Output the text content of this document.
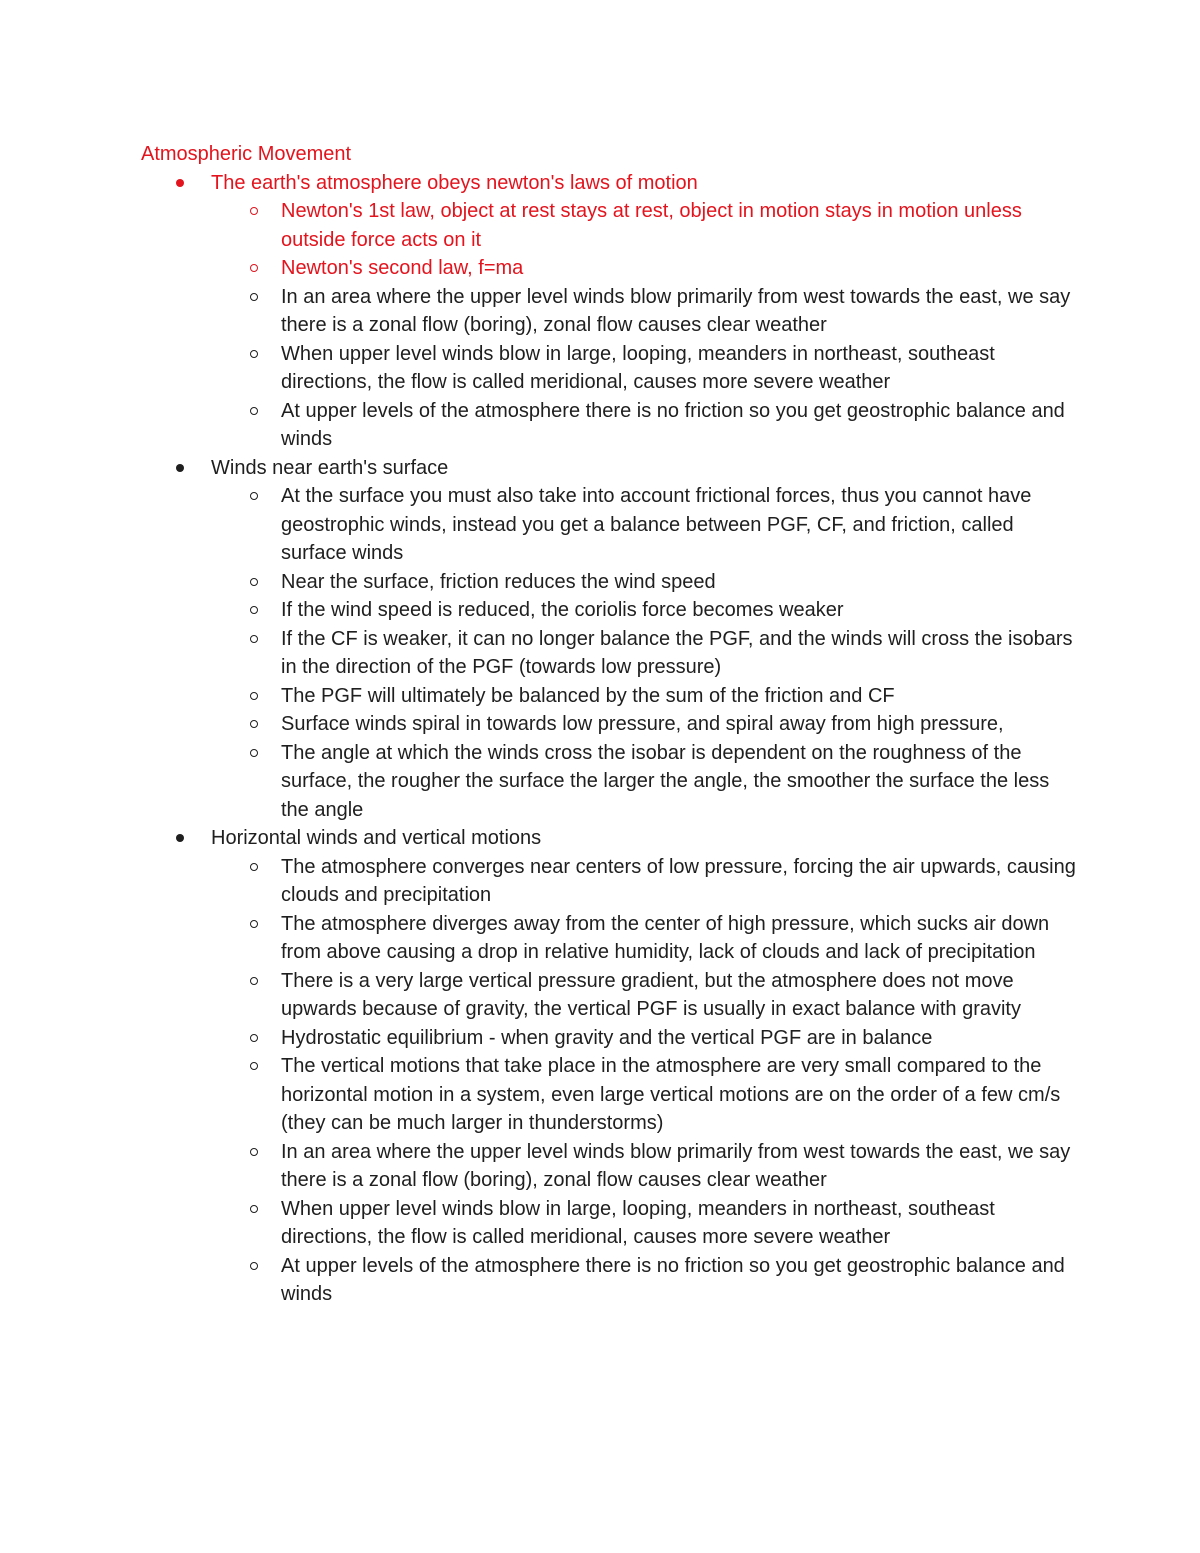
Atmospheric Movement

The earth's atmosphere obeys newton's laws of motion
Newton's 1st law, object at rest stays at rest, object in motion stays in motion unless outside force acts on it
Newton's second law, f=ma
In an area where the upper level winds blow primarily from west towards the east, we say there is a zonal flow (boring), zonal flow causes clear weather
When upper level winds blow in large, looping, meanders in northeast, southeast directions, the flow is called meridional, causes more severe weather
At upper levels of the atmosphere there is no friction so you get geostrophic balance and winds
Winds near earth's surface
At the surface you must also take into account frictional forces, thus you cannot have geostrophic winds, instead you get a balance between PGF, CF, and friction, called surface winds
Near the surface, friction reduces the wind speed
If the wind speed is reduced, the coriolis force becomes weaker
If the CF is weaker, it can no longer balance the PGF, and the winds will cross the isobars in the direction of the PGF (towards low pressure)
The PGF will ultimately be balanced by the sum of the friction and CF
Surface winds spiral in towards low pressure, and spiral away from high pressure,
The angle at which the winds cross the isobar is dependent on the roughness of the surface, the rougher the surface the larger the angle, the smoother the surface the less the angle
Horizontal winds and vertical motions
The atmosphere converges near centers of low pressure, forcing the air upwards, causing clouds and precipitation
The atmosphere diverges away from the center of high pressure, which sucks air down from above causing a drop in relative humidity, lack of clouds and lack of precipitation
There is a very large vertical pressure gradient, but the atmosphere does not move upwards because of gravity, the vertical PGF is usually in exact balance with gravity
Hydrostatic equilibrium - when gravity and the vertical PGF are in balance
The vertical motions that take place in the atmosphere are very small compared to the horizontal motion in a system, even large vertical motions are on the order of a few cm/s (they can be much larger in thunderstorms)
In an area where the upper level winds blow primarily from west towards the east, we say there is a zonal flow (boring), zonal flow causes clear weather
When upper level winds blow in large, looping, meanders in northeast, southeast directions, the flow is called meridional, causes more severe weather
At upper levels of the atmosphere there is no friction so you get geostrophic balance and winds
